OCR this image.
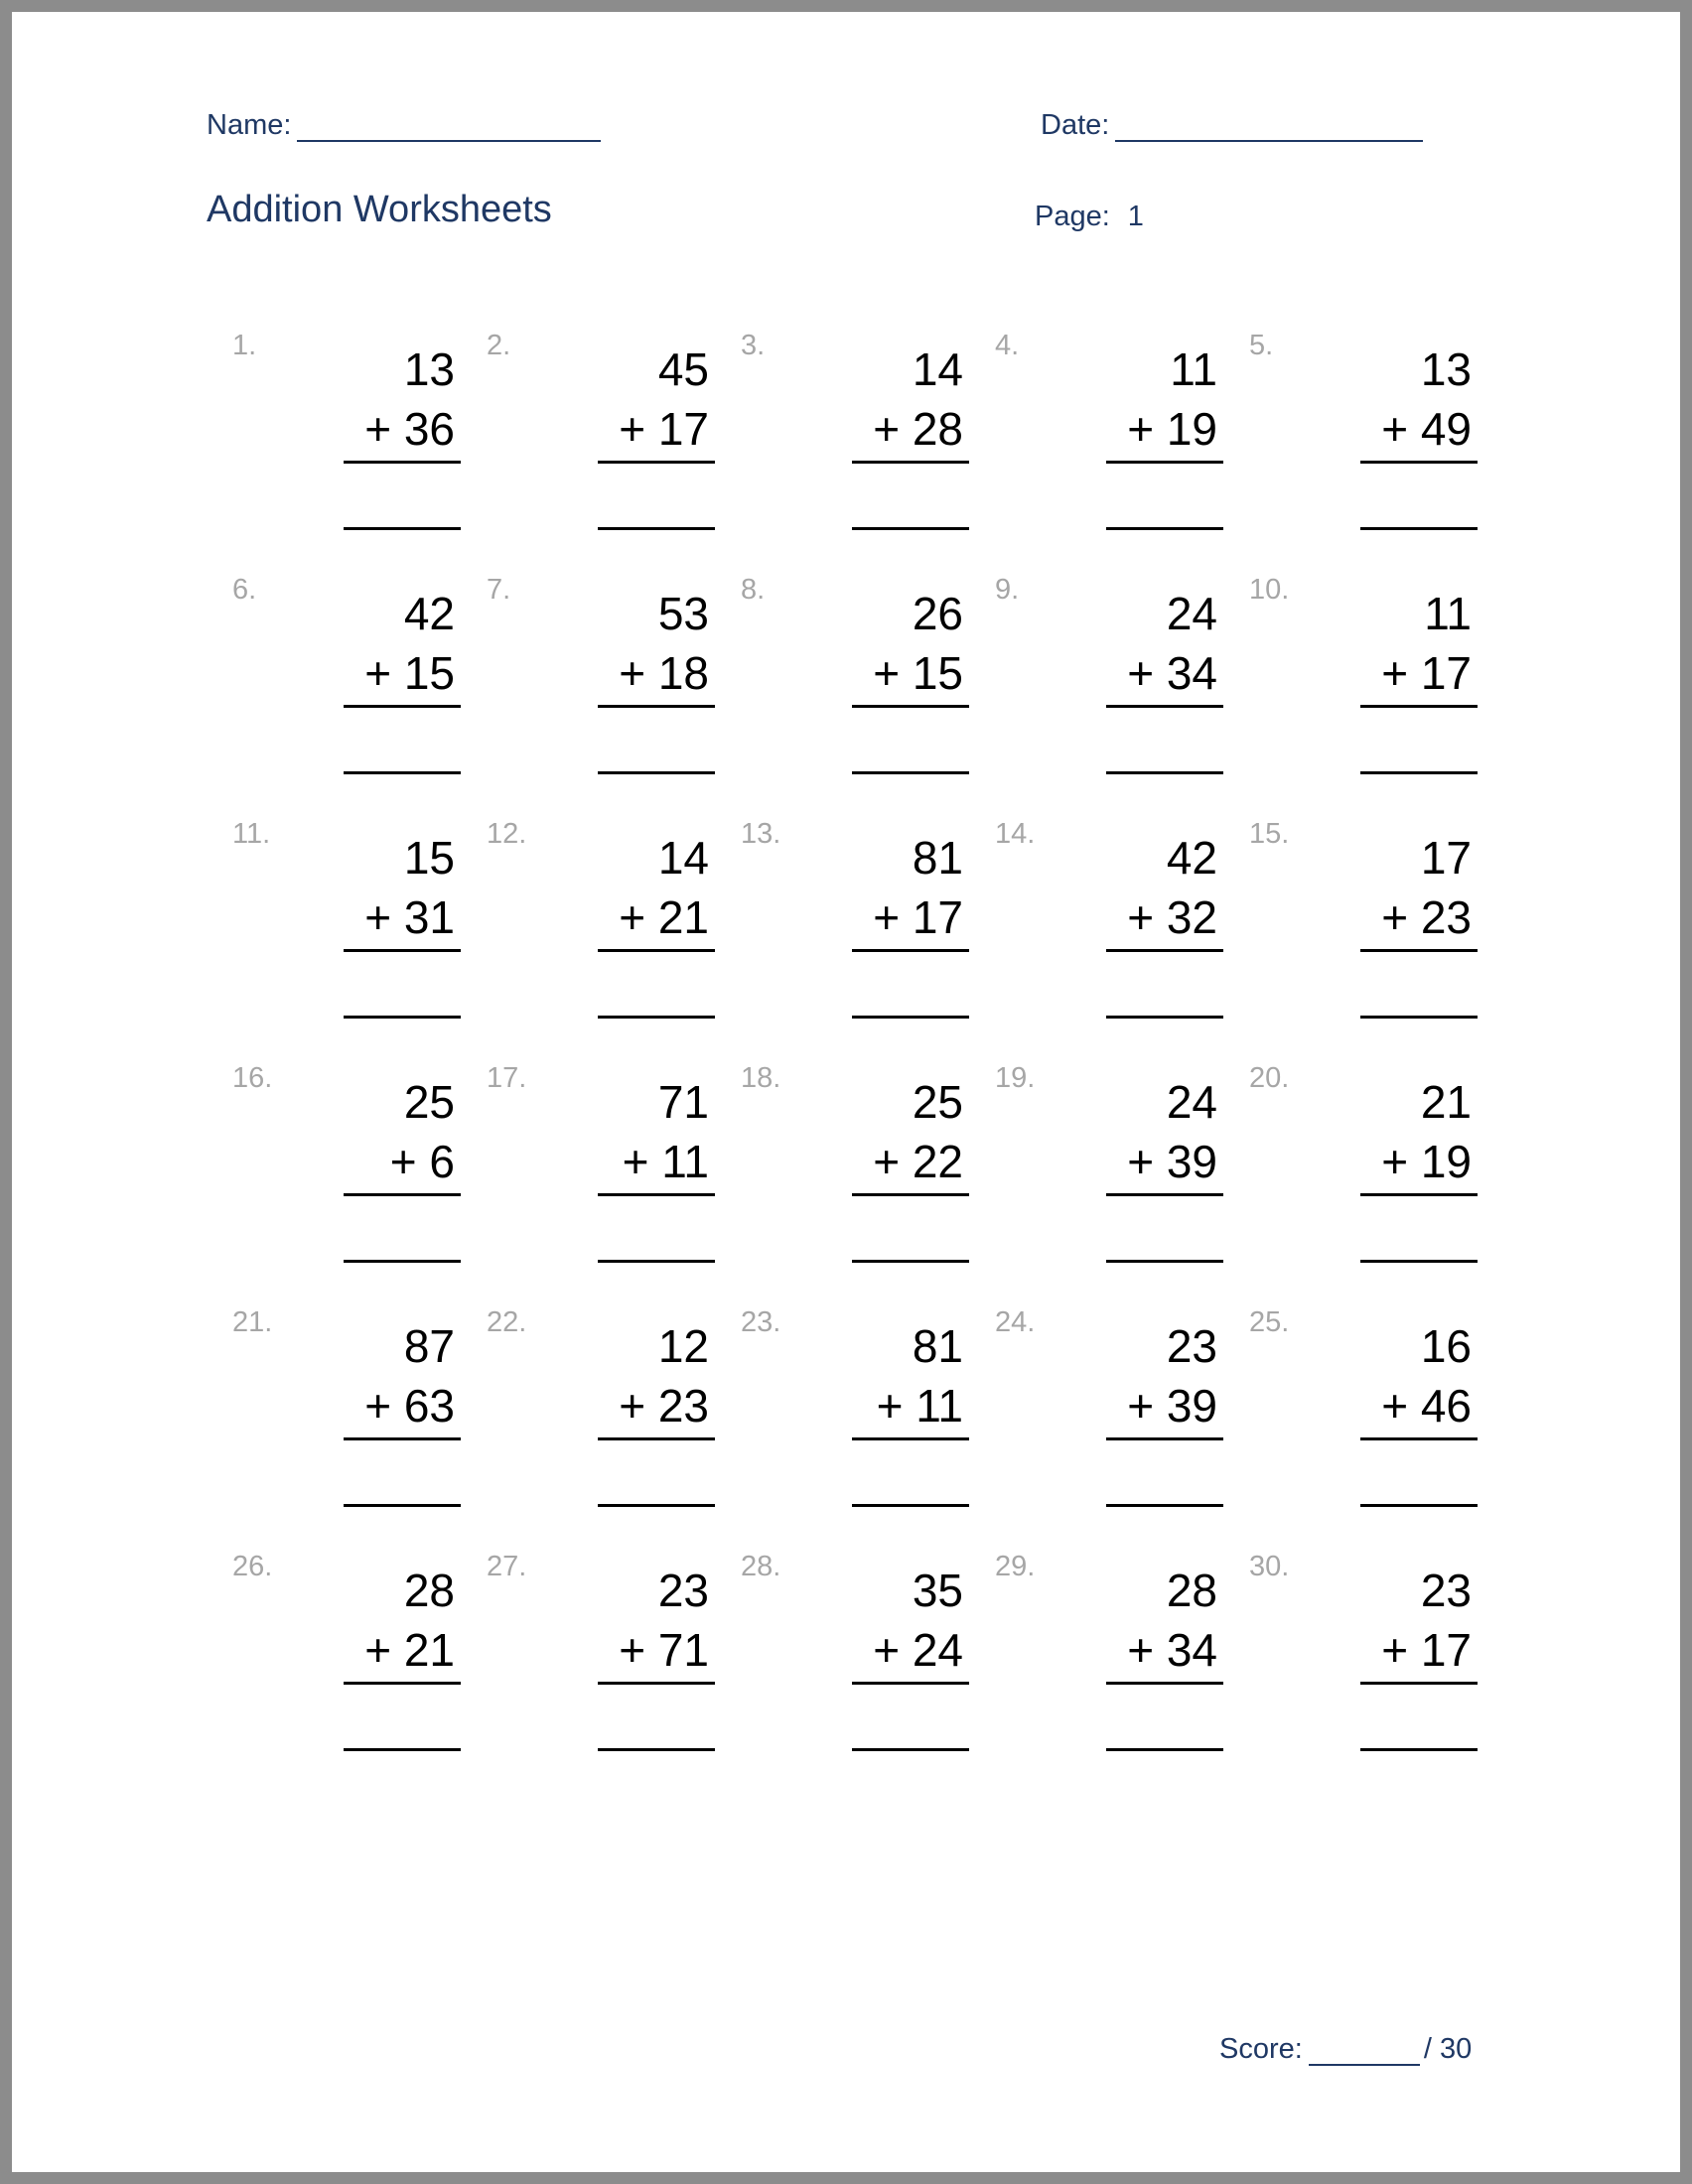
Name:	Date:
Addition Worksheets	Page: 1
1.	13
+ 36
2.	45
+ 17
3.	14
+ 28
4.	11
+ 19
5.	13
+ 49
6.	42
+ 15
7.	53
+ 18
8.	26
+ 15
9.	24
+ 34
10.	11
+ 17
11.	15
+ 31
12.	14
+ 21
13.	81
+ 17
14.	42
+ 32
15.	17
+ 23
16.	25
+ 6
17.	71
+ 11
18.	25
+ 22
19.	24
+ 39
20.	21
+ 19
21.	87
+ 63
22.	12
+ 23
23.	81
+ 11
24.	23
+ 39
25.	16
+ 46
26.	28
+ 21
27.	23
+ 71
28.	35
+ 24
29.	28
+ 34
30.	23
+ 17
Score:	/ 30
